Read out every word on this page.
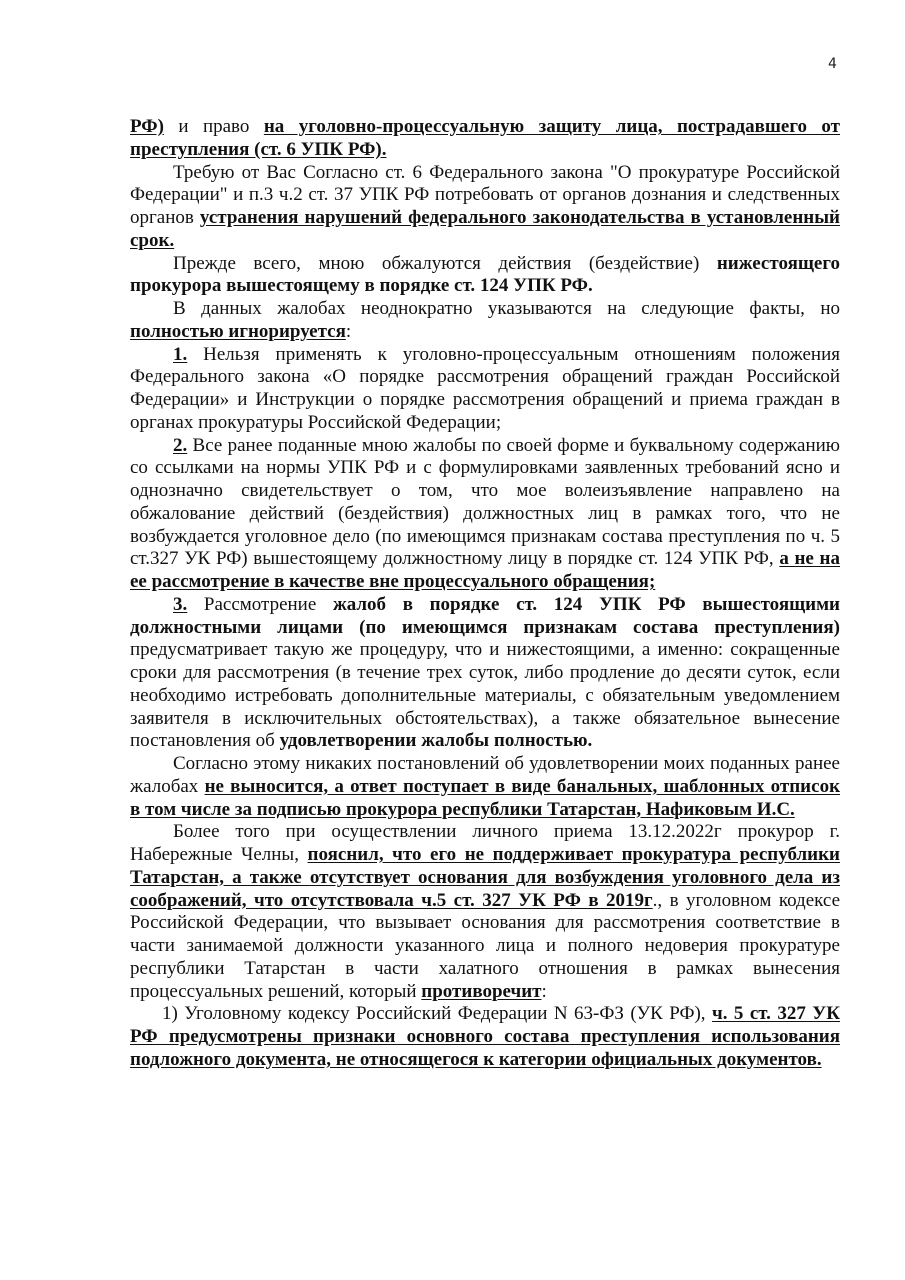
4

РФ) и право на уголовно-процессуальную защиту лица, пострадавшего от преступления (ст. 6 УПК РФ).

Требую от Вас Согласно ст. 6 Федерального закона "О прокуратуре Российской Федерации" и п.3 ч.2 ст. 37 УПК РФ потребовать от органов дознания и следственных органов устранения нарушений федерального законодательства в установленный срок.

Прежде всего, мною обжалуются действия (бездействие) нижестоящего прокурора вышестоящему в порядке ст. 124 УПК РФ.

В данных жалобах неоднократно указываются на следующие факты, но полностью игнорируется:

1. Нельзя применять к уголовно-процессуальным отношениям положения Федерального закона «О порядке рассмотрения обращений граждан Российской Федерации» и Инструкции о порядке рассмотрения обращений и приема граждан в органах прокуратуры Российской Федерации;

2. Все ранее поданные мною жалобы по своей форме и буквальному содержанию со ссылками на нормы УПК РФ и с формулировками заявленных требований ясно и однозначно свидетельствует о том, что мое волеизъявление направлено на обжалование действий (бездействия) должностных лиц в рамках того, что не возбуждается уголовное дело (по имеющимся признакам состава преступления по ч. 5 ст.327 УК РФ) вышестоящему должностному лицу в порядке ст. 124 УПК РФ, а не на ее рассмотрение в качестве вне процессуального обращения;

3. Рассмотрение жалоб в порядке ст. 124 УПК РФ вышестоящими должностными лицами (по имеющимся признакам состава преступления) предусматривает такую же процедуру, что и нижестоящими, а именно: сокращенные сроки для рассмотрения (в течение трех суток, либо продление до десяти суток, если необходимо истребовать дополнительные материалы, с обязательным уведомлением заявителя в исключительных обстоятельствах), а также обязательное вынесение постановления об удовлетворении жалобы полностью.

Согласно этому никаких постановлений об удовлетворении моих поданных ранее жалобах не выносится, а ответ поступает в виде банальных, шаблонных отписок в том числе за подписью прокурора республики Татарстан, Нафиковым И.С.

Более того при осуществлении личного приема 13.12.2022г прокурор г. Набережные Челны, пояснил, что его не поддерживает прокуратура республики Татарстан, а также отсутствует основания для возбуждения уголовного дела из соображений, что отсутствовала ч.5 ст. 327 УК РФ в 2019г., в уголовном кодексе Российской Федерации, что вызывает основания для рассмотрения соответствие в части занимаемой должности указанного лица и полного недоверия прокуратуре республики Татарстан в части халатного отношения в рамках вынесения процессуальных решений, который противоречит:

1) Уголовному кодексу Российский Федерации N 63-ФЗ (УК РФ), ч. 5 ст. 327 УК РФ предусмотрены признаки основного состава преступления использования подложного документа, не относящегося к категории официальных документов.
